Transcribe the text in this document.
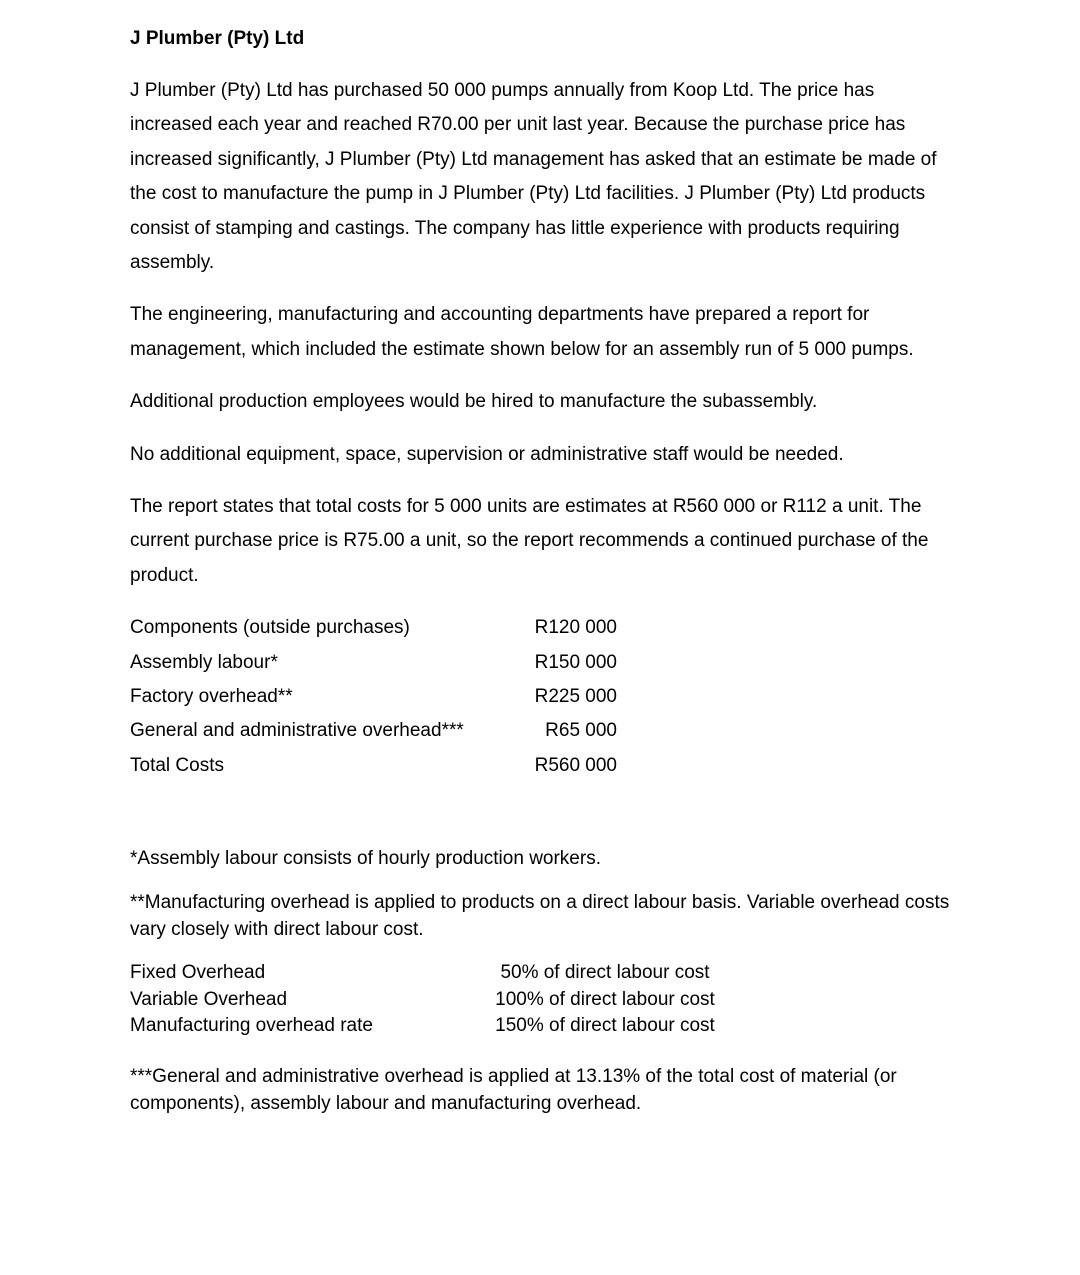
J Plumber (Pty) Ltd

J Plumber (Pty) Ltd has purchased 50 000 pumps annually from Koop Ltd. The price has increased each year and reached R70.00 per unit last year. Because the purchase price has increased significantly, J Plumber (Pty) Ltd management has asked that an estimate be made of the cost to manufacture the pump in J Plumber (Pty) Ltd facilities. J Plumber (Pty) Ltd products consist of stamping and castings. The company has little experience with products requiring assembly.

The engineering, manufacturing and accounting departments have prepared a report for management, which included the estimate shown below for an assembly run of 5 000 pumps.

Additional production employees would be hired to manufacture the subassembly.

No additional equipment, space, supervision or administrative staff would be needed.

The report states that total costs for 5 000 units are estimates at R560 000 or R112 a unit. The current purchase price is R75.00 a unit, so the report recommends a continued purchase of the product.

Components (outside purchases)	R120 000
Assembly labour*	R150 000
Factory overhead**	R225 000
General and administrative overhead***	R65 000
Total Costs	R560 000

*Assembly labour consists of hourly production workers.

**Manufacturing overhead is applied to products on a direct labour basis. Variable overhead costs vary closely with direct labour cost.

Fixed Overhead	50% of direct labour cost
Variable Overhead	100% of direct labour cost
Manufacturing overhead rate	150% of direct labour cost

***General and administrative overhead is applied at 13.13% of the total cost of material (or components), assembly labour and manufacturing overhead.
